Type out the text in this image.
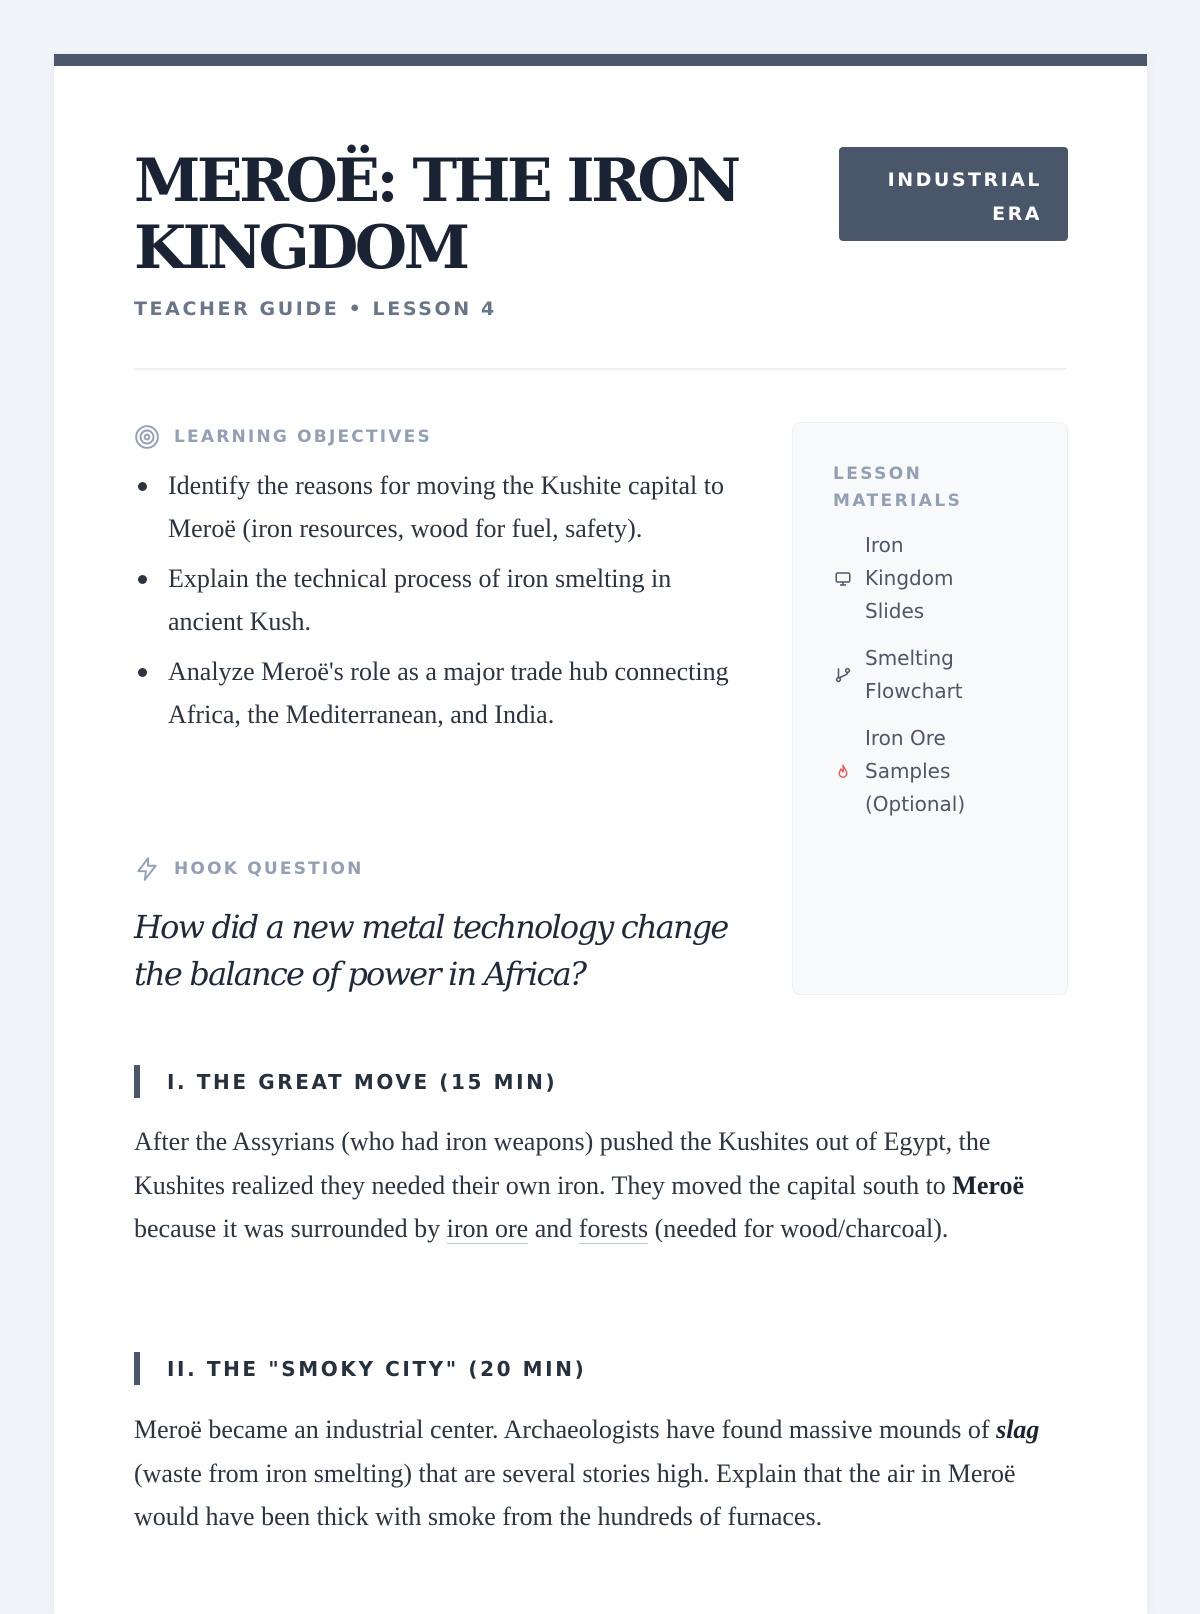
MEROË: THE IRON KINGDOM
TEACHER GUIDE • LESSON 4
INDUSTRIAL ERA
LEARNING OBJECTIVES
Identify the reasons for moving the Kushite capital to Meroë (iron resources, wood for fuel, safety).
Explain the technical process of iron smelting in ancient Kush.
Analyze Meroë's role as a major trade hub connecting Africa, the Mediterranean, and India.
HOOK QUESTION
How did a new metal technology change the balance of power in Africa?
LESSON MATERIALS
Iron Kingdom Slides
Smelting Flowchart
Iron Ore Samples (Optional)
I. THE GREAT MOVE (15 MIN)

After the Assyrians (who had iron weapons) pushed the Kushites out of Egypt, the Kushites realized they needed their own iron. They moved the capital south to Meroë because it was surrounded by iron ore and forests (needed for wood/charcoal).

II. THE "SMOKY CITY" (20 MIN)

Meroë became an industrial center. Archaeologists have found massive mounds of slag (waste from iron smelting) that are several stories high. Explain that the air in Meroë would have been thick with smoke from the hundreds of furnaces.
